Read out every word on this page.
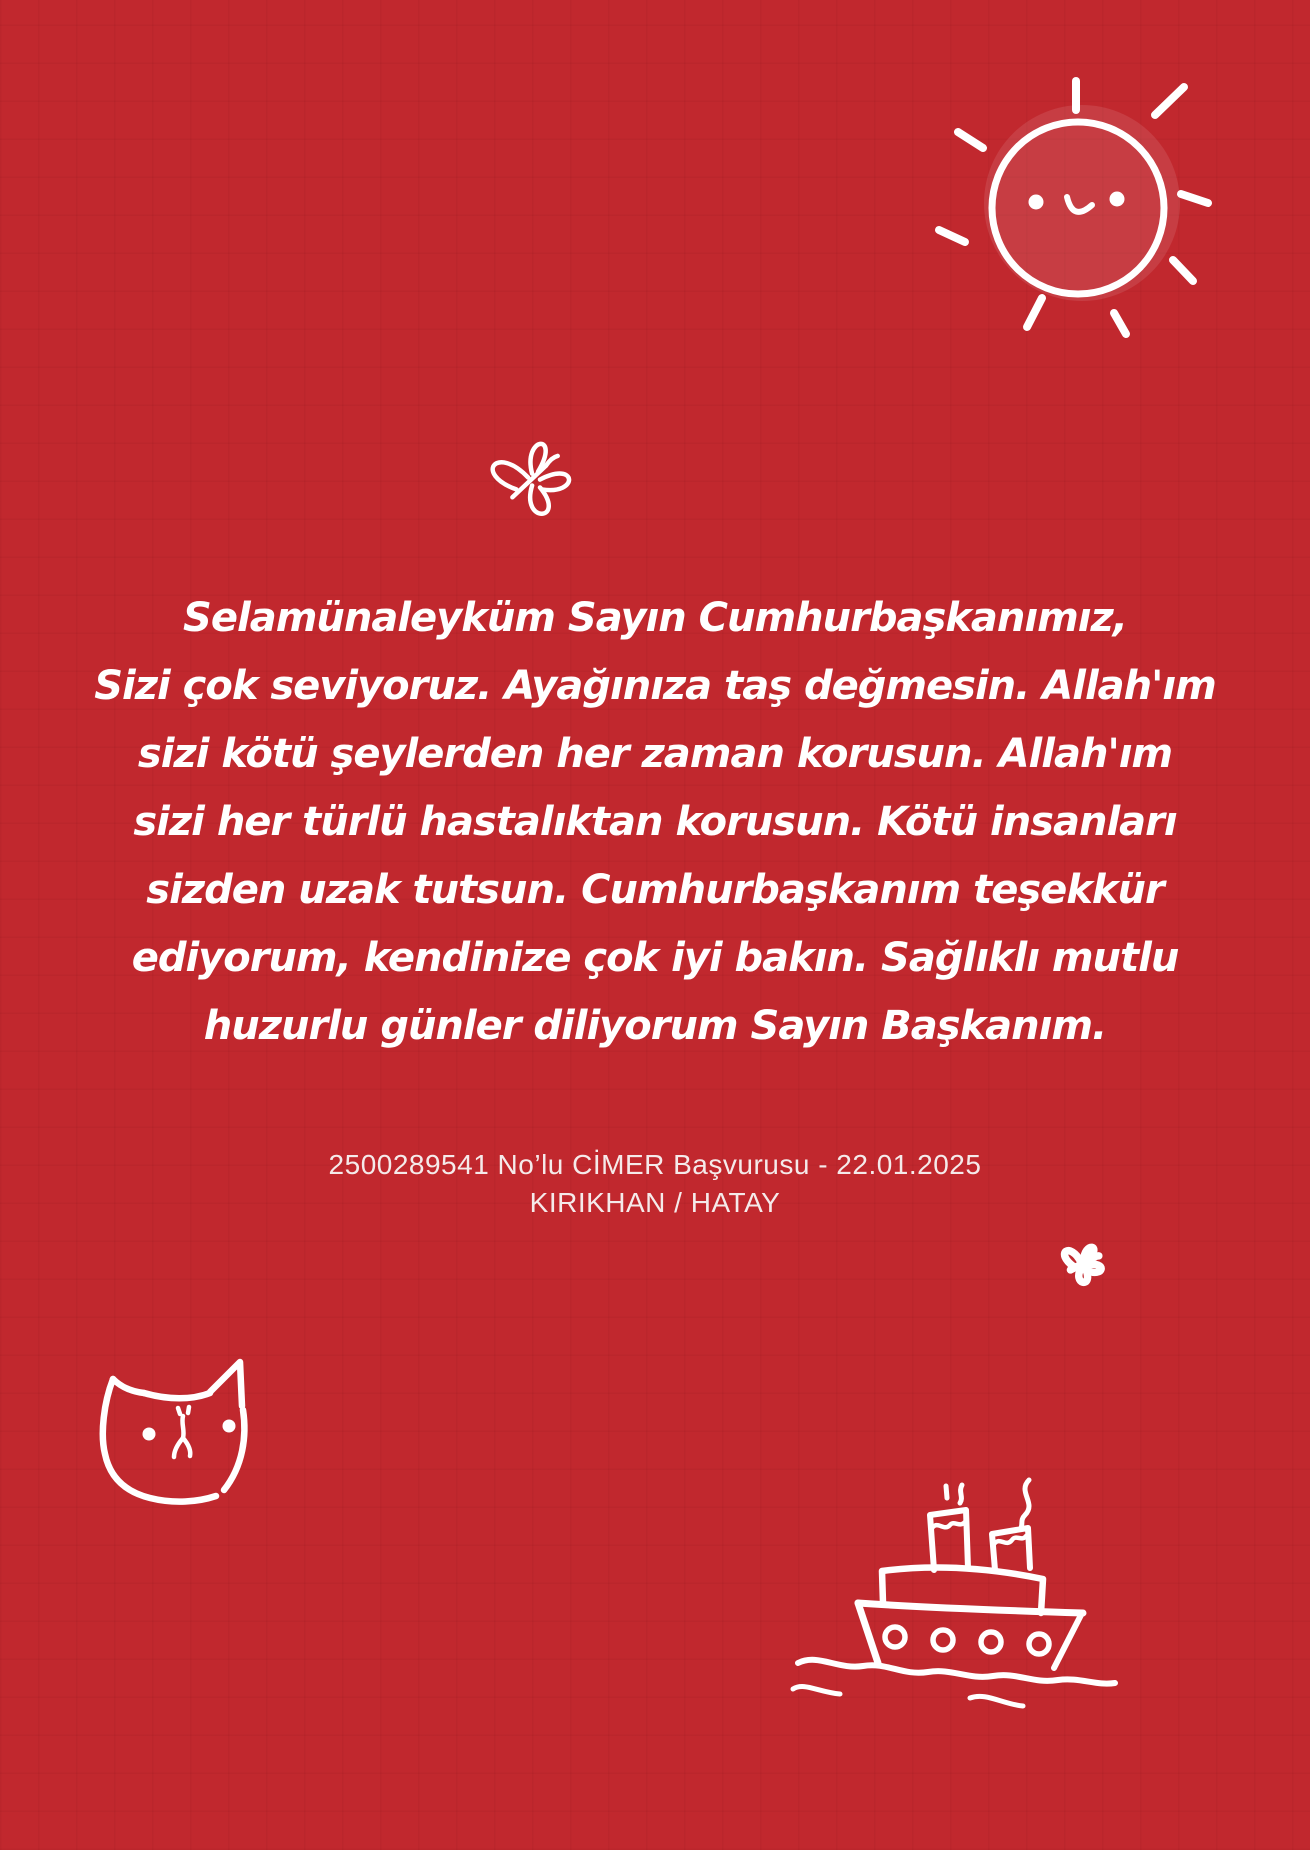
Selamünaleyküm Sayın Cumhurbaşkanımız,
Sizi çok seviyoruz. Ayağınıza taş değmesin. Allah'ım
sizi kötü şeylerden her zaman korusun. Allah'ım
sizi her türlü hastalıktan korusun. Kötü insanları
sizden uzak tutsun. Cumhurbaşkanım teşekkür
ediyorum, kendinize çok iyi bakın. Sağlıklı mutlu
huzurlu günler diliyorum Sayın Başkanım.
2500289541 No’lu CİMER Başvurusu - 22.01.2025
KIRIKHAN / HATAY
